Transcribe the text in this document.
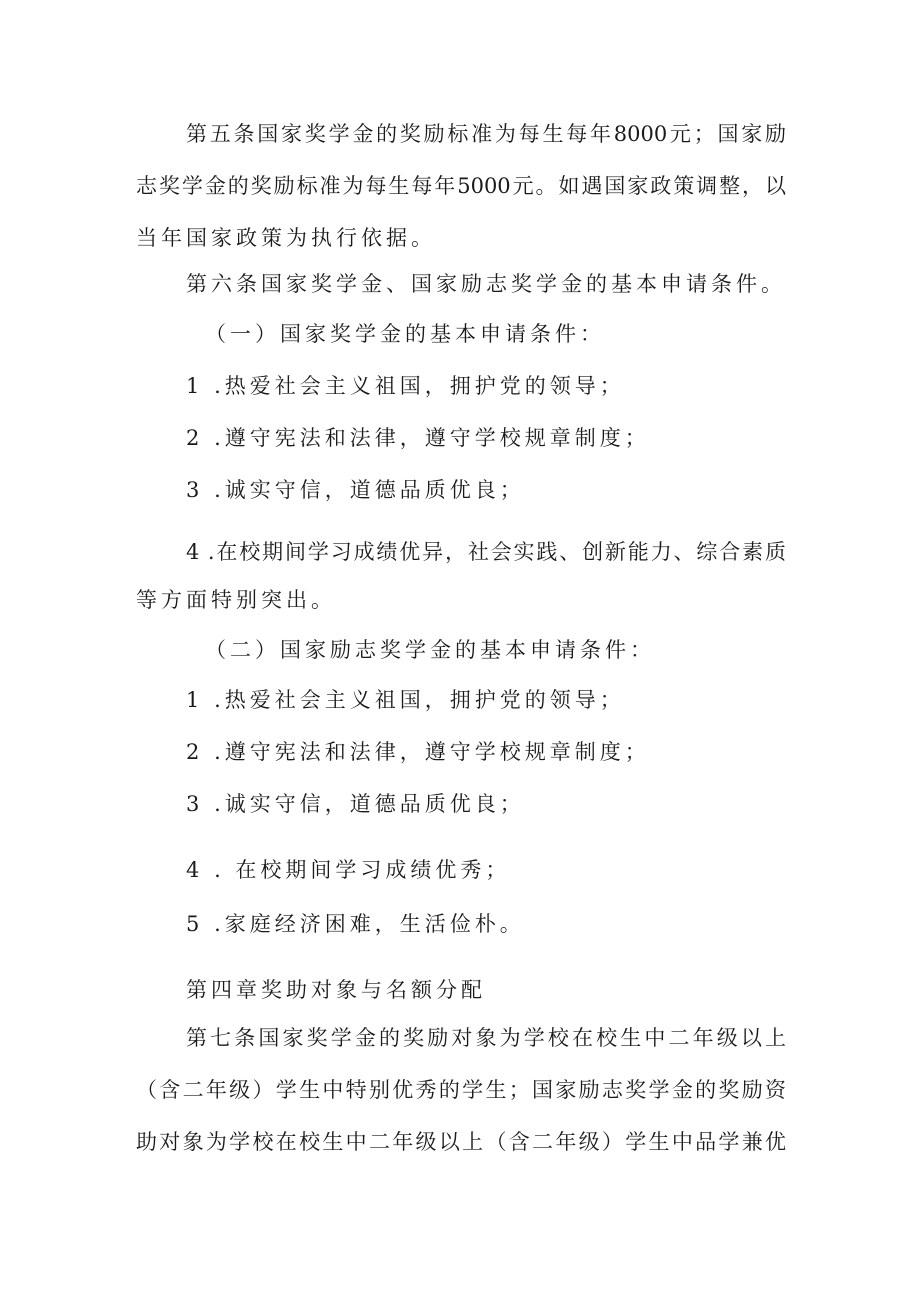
第五条国家奖学金的奖励标准为每生每年8000元；国家励
志奖学金的奖励标准为每生每年5000元。如遇国家政策调整，以
当年国家政策为执行依据。
第六条国家奖学金、国家励志奖学金的基本申请条件。
（一）国家奖学金的基本申请条件：
1 .热爱社会主义祖国，拥护党的领导；
2 .遵守宪法和法律，遵守学校规章制度；
3 .诚实守信，道德品质优良；
4 .在校期间学习成绩优异，社会实践、创新能力、综合素质
等方面特别突出。
（二）国家励志奖学金的基本申请条件：
1 .热爱社会主义祖国，拥护党的领导；
2 .遵守宪法和法律，遵守学校规章制度；
3 .诚实守信，道德品质优良；
4 . 在校期间学习成绩优秀；
5 .家庭经济困难，生活俭朴。
第四章奖助对象与名额分配
第七条国家奖学金的奖励对象为学校在校生中二年级以上
（含二年级）学生中特别优秀的学生；国家励志奖学金的奖励资
助对象为学校在校生中二年级以上（含二年级）学生中品学兼优
